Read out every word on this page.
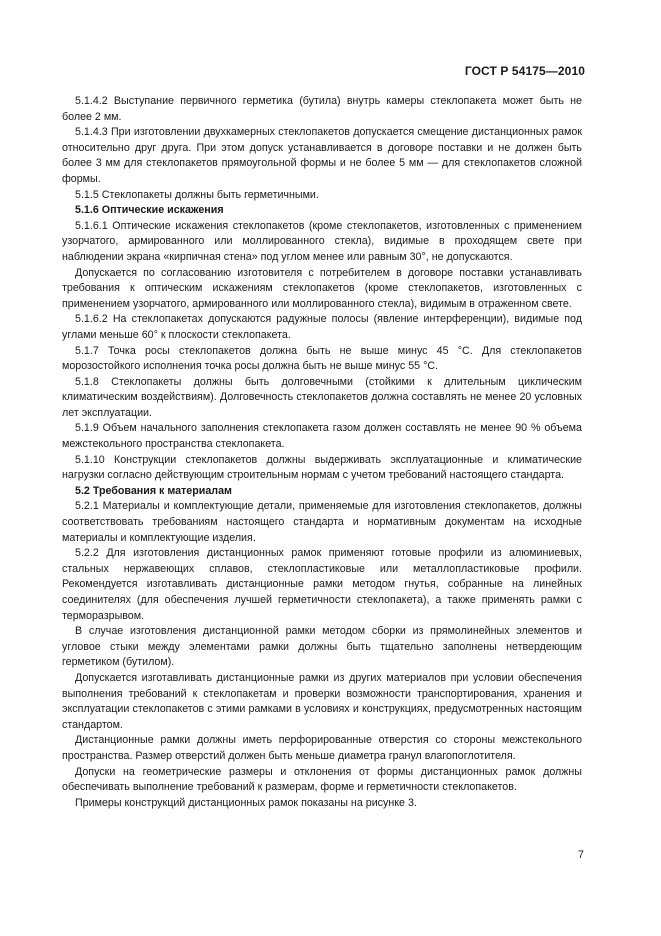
ГОСТ Р 54175—2010

5.1.4.2 Выступание первичного герметика (бутила) внутрь камеры стеклопакета может быть не более 2 мм.

5.1.4.3 При изготовлении двухкамерных стеклопакетов допускается смещение дистанционных рамок относительно друг друга. При этом допуск устанавливается в договоре поставки и не должен быть более 3 мм для стеклопакетов прямоугольной формы и не более 5 мм — для стеклопакетов сложной формы.

5.1.5 Стеклопакеты должны быть герметичными.

5.1.6 Оптические искажения

5.1.6.1 Оптические искажения стеклопакетов (кроме стеклопакетов, изготовленных с применением узорчатого, армированного или моллированного стекла), видимые в проходящем свете при наблюдении экрана «кирпичная стена» под углом менее или равным 30°, не допускаются.

Допускается по согласованию изготовителя с потребителем в договоре поставки устанавливать требования к оптическим искажениям стеклопакетов (кроме стеклопакетов, изготовленных с применением узорчатого, армированного или моллированного стекла), видимым в отраженном свете.

5.1.6.2 На стеклопакетах допускаются радужные полосы (явление интерференции), видимые под углами меньше 60° к плоскости стеклопакета.

5.1.7 Точка росы стеклопакетов должна быть не выше минус 45 °С. Для стеклопакетов морозостойкого исполнения точка росы должна быть не выше минус 55 °С.

5.1.8 Стеклопакеты должны быть долговечными (стойкими к длительным циклическим климатическим воздействиям). Долговечность стеклопакетов должна составлять не менее 20 условных лет эксплуатации.

5.1.9 Объем начального заполнения стеклопакета газом должен составлять не менее 90 % объема межстекольного пространства стеклопакета.

5.1.10 Конструкции стеклопакетов должны выдерживать эксплуатационные и климатические нагрузки согласно действующим строительным нормам с учетом требований настоящего стандарта.

5.2 Требования к материалам

5.2.1 Материалы и комплектующие детали, применяемые для изготовления стеклопакетов, должны соответствовать требованиям настоящего стандарта и нормативным документам на исходные материалы и комплектующие изделия.

5.2.2 Для изготовления дистанционных рамок применяют готовые профили из алюминиевых, стальных нержавеющих сплавов, стеклопластиковые или металлопластиковые профили. Рекомендуется изготавливать дистанционные рамки методом гнутья, собранные на линейных соединителях (для обеспечения лучшей герметичности стеклопакета), а также применять рамки с терморазрывом.

В случае изготовления дистанционной рамки методом сборки из прямолинейных элементов и угловое стыки между элементами рамки должны быть тщательно заполнены нетвердеющим герметиком (бутилом).

Допускается изготавливать дистанционные рамки из других материалов при условии обеспечения выполнения требований к стеклопакетам и проверки возможности транспортирования, хранения и эксплуатации стеклопакетов с этими рамками в условиях и конструкциях, предусмотренных настоящим стандартом.

Дистанционные рамки должны иметь перфорированные отверстия со стороны межстекольного пространства. Размер отверстий должен быть меньше диаметра гранул влагопоглотителя.

Допуски на геометрические размеры и отклонения от формы дистанционных рамок должны обеспечивать выполнение требований к размерам, форме и герметичности стеклопакетов.

Примеры конструкций дистанционных рамок показаны на рисунке 3.

7
